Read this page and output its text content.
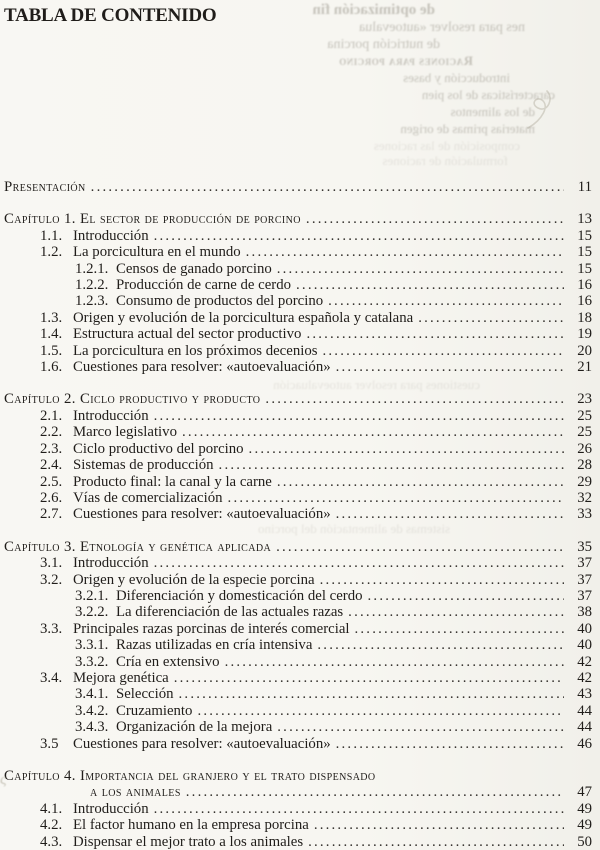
TABLA DE CONTENIDO
Presentación .....	11
Capítulo 1. El sector de producción de porcino .....	13
1.1. Introducción .....	15
1.2. La porcicultura en el mundo .....	15
1.2.1. Censos de ganado porcino .....	15
1.2.2. Producción de carne de cerdo .....	16
1.2.3. Consumo de productos del porcino .....	16
1.3. Origen y evolución de la porcicultura española y catalana .....	18
1.4. Estructura actual del sector productivo .....	19
1.5. La porcicultura en los próximos decenios .....	20
1.6. Cuestiones para resolver: «autoevaluación» .....	21
Capítulo 2. Ciclo productivo y producto .....	23
2.1. Introducción .....	25
2.2. Marco legislativo .....	25
2.3. Ciclo productivo del porcino .....	26
2.4. Sistemas de producción .....	28
2.5. Producto final: la canal y la carne .....	29
2.6. Vías de comercialización .....	32
2.7. Cuestiones para resolver: «autoevaluación» .....	33
Capítulo 3. Etnología y genética aplicada .....	35
3.1. Introducción .....	37
3.2. Origen y evolución de la especie porcina .....	37
3.2.1. Diferenciación y domesticación del cerdo .....	37
3.2.2. La diferenciación de las actuales razas .....	38
3.3. Principales razas porcinas de interés comercial .....	40
3.3.1. Razas utilizadas en cría intensiva .....	40
3.3.2. Cría en extensivo .....	42
3.4. Mejora genética .....	42
3.4.1. Selección .....	43
3.4.2. Cruzamiento .....	44
3.4.3. Organización de la mejora .....	44
3.5 Cuestiones para resolver: «autoevaluación» .....	46
Capítulo 4. Importancia del granjero y el trato dispensado
a los animales .....	47
4.1. Introducción .....	49
4.2. El factor humano en la empresa porcina .....	49
4.3. Dispensar el mejor trato a los animales .....	50
ς
de optimización fin
nes para resolver «autoevalua
de nutrición porcina
Raciones para porcino
introducción y bases
características de los pien
de los alimentos
materias primas de origen
composición de las raciones
formulación de raciones
cuestiones para resolver autoevaluación
sistemas de alimentación del porcino
